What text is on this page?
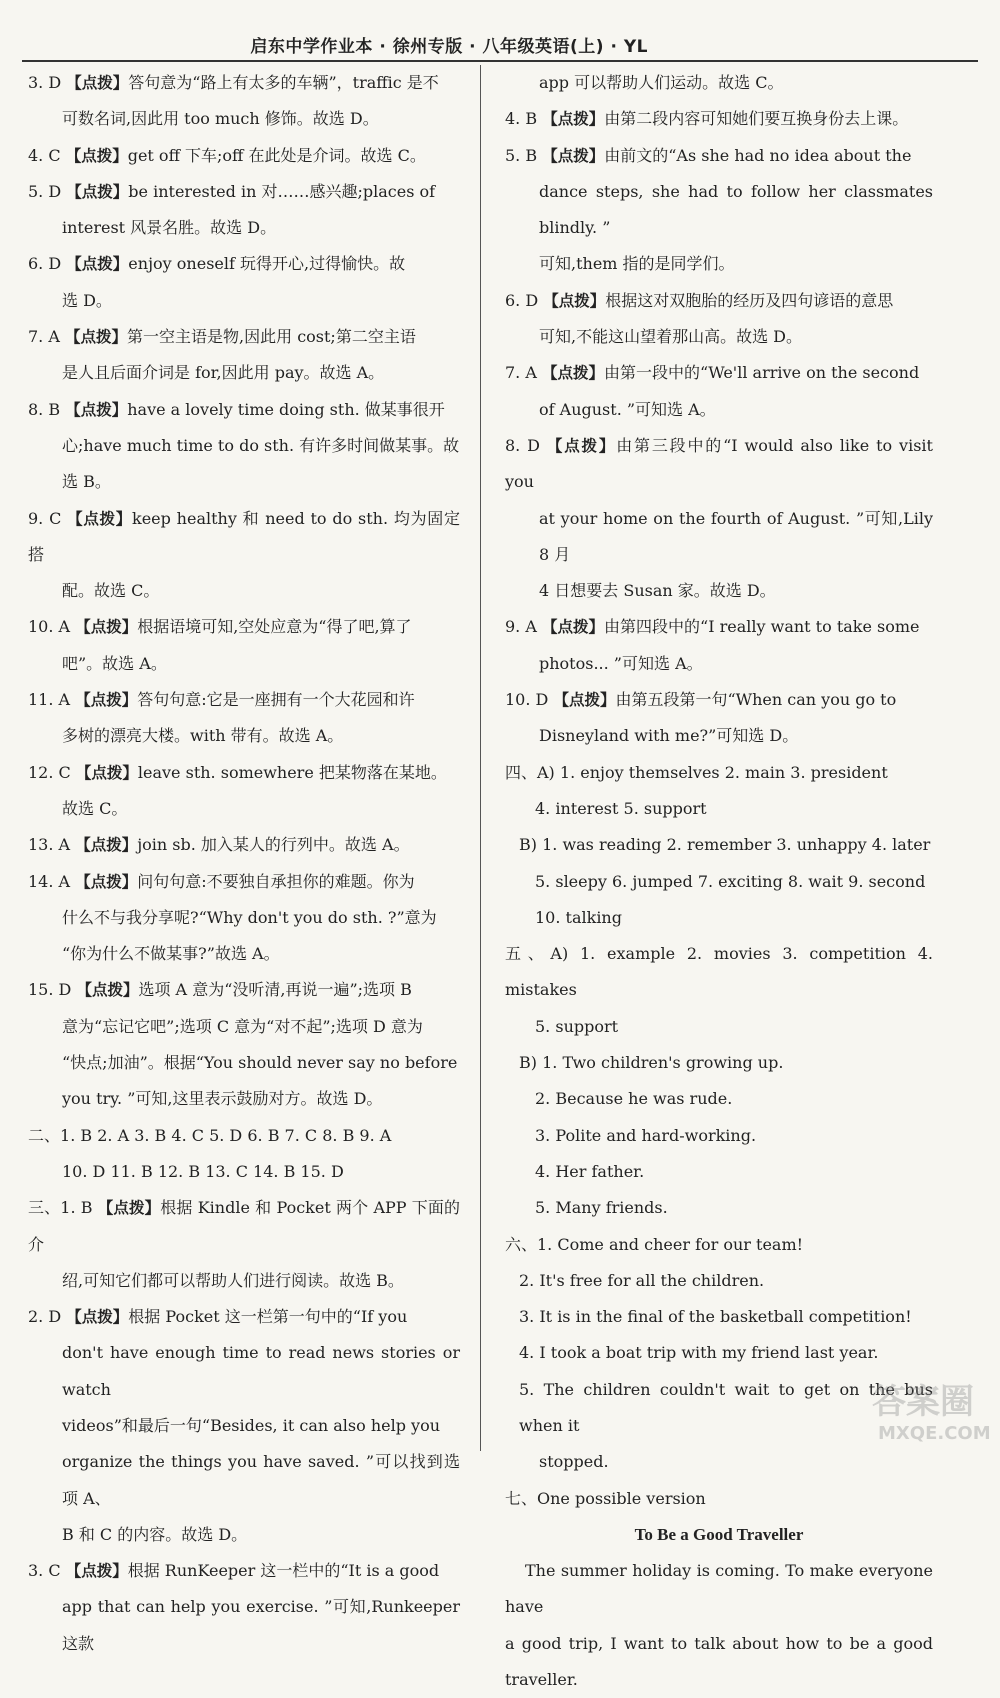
启东中学作业本 · 徐州专版 · 八年级英语(上) · YL

3. D 【点拨】答句意为“路上有太多的车辆”，traffic 是不

可数名词,因此用 too much 修饰。故选 D。

4. C 【点拨】get off 下车;off 在此处是介词。故选 C。

5. D 【点拨】be interested in 对……感兴趣;places of

interest 风景名胜。故选 D。

6. D 【点拨】enjoy oneself 玩得开心,过得愉快。故

选 D。

7. A 【点拨】第一空主语是物,因此用 cost;第二空主语

是人且后面介词是 for,因此用 pay。故选 A。

8. B 【点拨】have a lovely time doing sth. 做某事很开

心;have much time to do sth. 有许多时间做某事。故

选 B。

9. C 【点拨】keep healthy 和 need to do sth. 均为固定搭

配。故选 C。

10. A 【点拨】根据语境可知,空处应意为“得了吧,算了

吧”。故选 A。

11. A 【点拨】答句句意:它是一座拥有一个大花园和许

多树的漂亮大楼。with 带有。故选 A。

12. C 【点拨】leave sth. somewhere 把某物落在某地。

故选 C。

13. A 【点拨】join sb. 加入某人的行列中。故选 A。

14. A 【点拨】问句句意:不要独自承担你的难题。你为

什么不与我分享呢?“Why don't you do sth. ?”意为

“你为什么不做某事?”故选 A。

15. D 【点拨】选项 A 意为“没听清,再说一遍”;选项 B

意为“忘记它吧”;选项 C 意为“对不起”;选项 D 意为

“快点;加油”。根据“You should never say no before

you try. ”可知,这里表示鼓励对方。故选 D。

二、1. B 2. A 3. B 4. C 5. D 6. B 7. C 8. B 9. A

10. D 11. B 12. B 13. C 14. B 15. D

三、1. B 【点拨】根据 Kindle 和 Pocket 两个 APP 下面的介

绍,可知它们都可以帮助人们进行阅读。故选 B。

2. D 【点拨】根据 Pocket 这一栏第一句中的“If you

don't have enough time to read news stories or watch

videos”和最后一句“Besides, it can also help you

organize the things you have saved. ”可以找到选项 A、

B 和 C 的内容。故选 D。

3. C 【点拨】根据 RunKeeper 这一栏中的“It is a good

app that can help you exercise. ”可知,Runkeeper 这款

app 可以帮助人们运动。故选 C。

4. B 【点拨】由第二段内容可知她们要互换身份去上课。

5. B 【点拨】由前文的“As she had no idea about the

dance steps, she had to follow her classmates blindly. ”

可知,them 指的是同学们。

6. D 【点拨】根据这对双胞胎的经历及四句谚语的意思

可知,不能这山望着那山高。故选 D。

7. A 【点拨】由第一段中的“We'll arrive on the second

of August. ”可知选 A。

8. D 【点拨】由第三段中的“I would also like to visit you

at your home on the fourth of August. ”可知,Lily 8 月

4 日想要去 Susan 家。故选 D。

9. A 【点拨】由第四段中的“I really want to take some

photos... ”可知选 A。

10. D 【点拨】由第五段第一句“When can you go to

Disneyland with me?”可知选 D。

四、A) 1. enjoy themselves 2. main 3. president

4. interest 5. support

B) 1. was reading 2. remember 3. unhappy 4. later

5. sleepy 6. jumped 7. exciting 8. wait 9. second

10. talking

五、A) 1. example 2. movies 3. competition 4. mistakes

5. support

B) 1. Two children's growing up.

2. Because he was rude.

3. Polite and hard-working.

4. Her father.

5. Many friends.

六、1. Come and cheer for our team!

2. It's free for all the children.

3. It is in the final of the basketball competition!

4. I took a boat trip with my friend last year.

5. The children couldn't wait to get on the bus when it

stopped.

七、One possible version

To Be a Good Traveller

The summer holiday is coming. To make everyone have

a good trip, I want to talk about how to be a good traveller.

答案圈
MXQE.COM
